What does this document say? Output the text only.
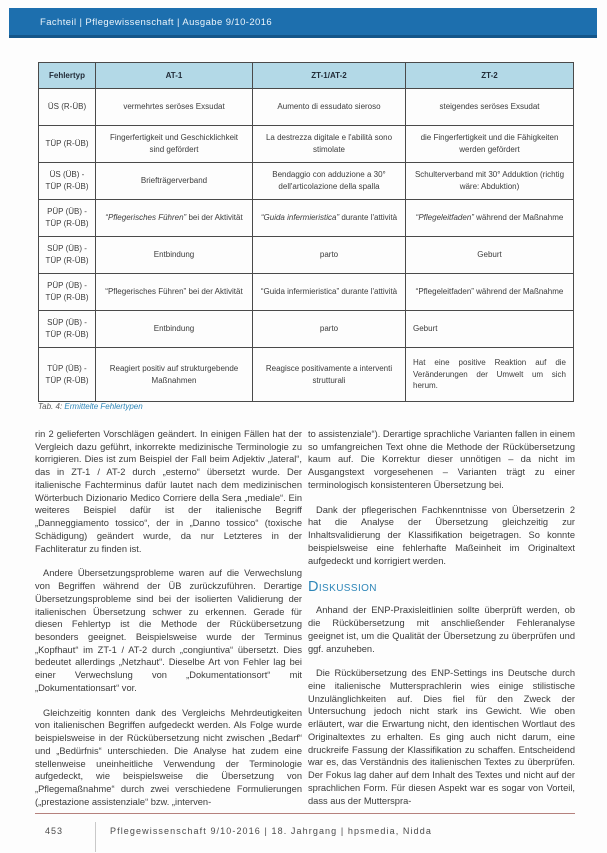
Fachteil | Pflegewissenschaft | Ausgabe 9/10-2016
Fehlertyp	AT-1	ZT-1/AT-2	ZT-2
ÜS (R-ÜB)	vermehrtes seröses Exsudat	Aumento di essudato sieroso	steigendes seröses Exsudat
TÜP (R-ÜB)	Fingerfertigkeit und Geschicklichkeit sind gefördert	La destrezza digitale e l'abilità sono stimolate	die Fingerfertigkeit und die Fähigkeiten werden gefördert
ÜS (ÜB) - TÜP (R-ÜB)	Briefträgerverband	Bendaggio con adduzione a 30° dell'articolazione della spalla	Schulterverband mit 30° Adduktion (richtig wäre: Abduktion)
PÜP (ÜB) - TÜP (R-ÜB)	“Pflegerisches Führen” bei der Aktivität	“Guida infermieristica” durante l'attività	“Pflegeleitfaden” während der Maßnahme
SÜP (ÜB) - TÜP (R-ÜB)	Entbindung	parto	Geburt
PÜP (ÜB) - TÜP (R-ÜB)	“Pflegerisches Führen” bei der Aktivität	“Guida infermieristica” durante l'attività	“Pflegeleitfaden” während der Maßnahme
SÜP (ÜB) - TÜP (R-ÜB)	Entbindung	parto	Geburt
TÜP (ÜB) - TÜP (R-ÜB)	Reagiert positiv auf strukturgebende Maßnahmen	Reagisce positivamente a interventi strutturali	Hat eine positive Reaktion auf die Veränderungen der Umwelt um sich herum.
Tab. 4: Ermittelte Fehlertypen

rin 2 gelieferten Vorschlägen geändert. In einigen Fällen hat der Vergleich dazu geführt, inkorrekte medizinische Terminologie zu korrigieren. Dies ist zum Beispiel der Fall beim Adjektiv „lateral“, das in ZT-1 / AT-2 durch „esterno“ übersetzt wurde. Der italienische Fachterminus dafür lautet nach dem medizinischen Wörterbuch Dizionario Medico Corriere della Sera „mediale“. Ein weiteres Beispiel dafür ist der italienische Begriff „Danneggiamento tossico“, der in „Danno tossico“ (toxische Schädigung) geändert wurde, da nur Letzteres in der Fachliteratur zu finden ist.

Andere Übersetzungsprobleme waren auf die Verwechslung von Begriffen während der ÜB zurückzuführen. Derartige Übersetzungsprobleme sind bei der isolierten Validierung der italienischen Übersetzung schwer zu erkennen. Gerade für diesen Fehlertyp ist die Methode der Rückübersetzung besonders geeignet. Beispielsweise wurde der Terminus „Kopfhaut“ im ZT-1 / AT-2 durch „congiuntiva“ übersetzt. Dies bedeutet allerdings „Netzhaut“. Dieselbe Art von Fehler lag bei einer Verwechslung von „Dokumentationsort“ mit „Dokumentationsart“ vor.

Gleichzeitig konnten dank des Vergleichs Mehrdeutigkeiten von italienischen Begriffen aufgedeckt werden. Als Folge wurde beispielsweise in der Rückübersetzung nicht zwischen „Bedarf“ und „Bedürfnis“ unterschieden. Die Analyse hat zudem eine stellenweise uneinheitliche Verwendung der Terminologie aufgedeckt, wie beispielsweise die Übersetzung von „Pflegemaßnahme“ durch zwei verschiedene Formulierungen („prestazione assistenziale“ bzw. „interven-

to assistenziale“). Derartige sprachliche Varianten fallen in einem so umfangreichen Text ohne die Methode der Rückübersetzung kaum auf. Die Korrektur dieser unnötigen – da nicht im Ausgangstext vorgesehenen – Varianten trägt zu einer terminologisch konsistenteren Übersetzung bei.

Dank der pflegerischen Fachkenntnisse von Übersetzerin 2 hat die Analyse der Übersetzung gleichzeitig zur Inhaltsvalidierung der Klassifikation beigetragen. So konnte beispielsweise eine fehlerhafte Maßeinheit im Originaltext aufgedeckt und korrigiert werden.

Diskussion

Anhand der ENP-Praxisleitlinien sollte überprüft werden, ob die Rückübersetzung mit anschließender Fehleranalyse geeignet ist, um die Qualität der Übersetzung zu überprüfen und ggf. anzuheben.

Die Rückübersetzung des ENP-Settings ins Deutsche durch eine italienische Muttersprachlerin wies einige stilistische Unzulänglichkeiten auf. Dies fiel für den Zweck der Untersuchung jedoch nicht stark ins Gewicht. Wie oben erläutert, war die Erwartung nicht, den identischen Wortlaut des Originaltextes zu erhalten. Es ging auch nicht darum, eine druckreife Fassung der Klassifikation zu schaffen. Entscheidend war es, das Verständnis des italienischen Textes zu überprüfen. Der Fokus lag daher auf dem Inhalt des Textes und nicht auf der sprachlichen Form. Für diesen Aspekt war es sogar von Vorteil, dass aus der Mutterspra-

453	Pflegewissenschaft 9/10-2016 | 18. Jahrgang | hpsmedia, Nidda
